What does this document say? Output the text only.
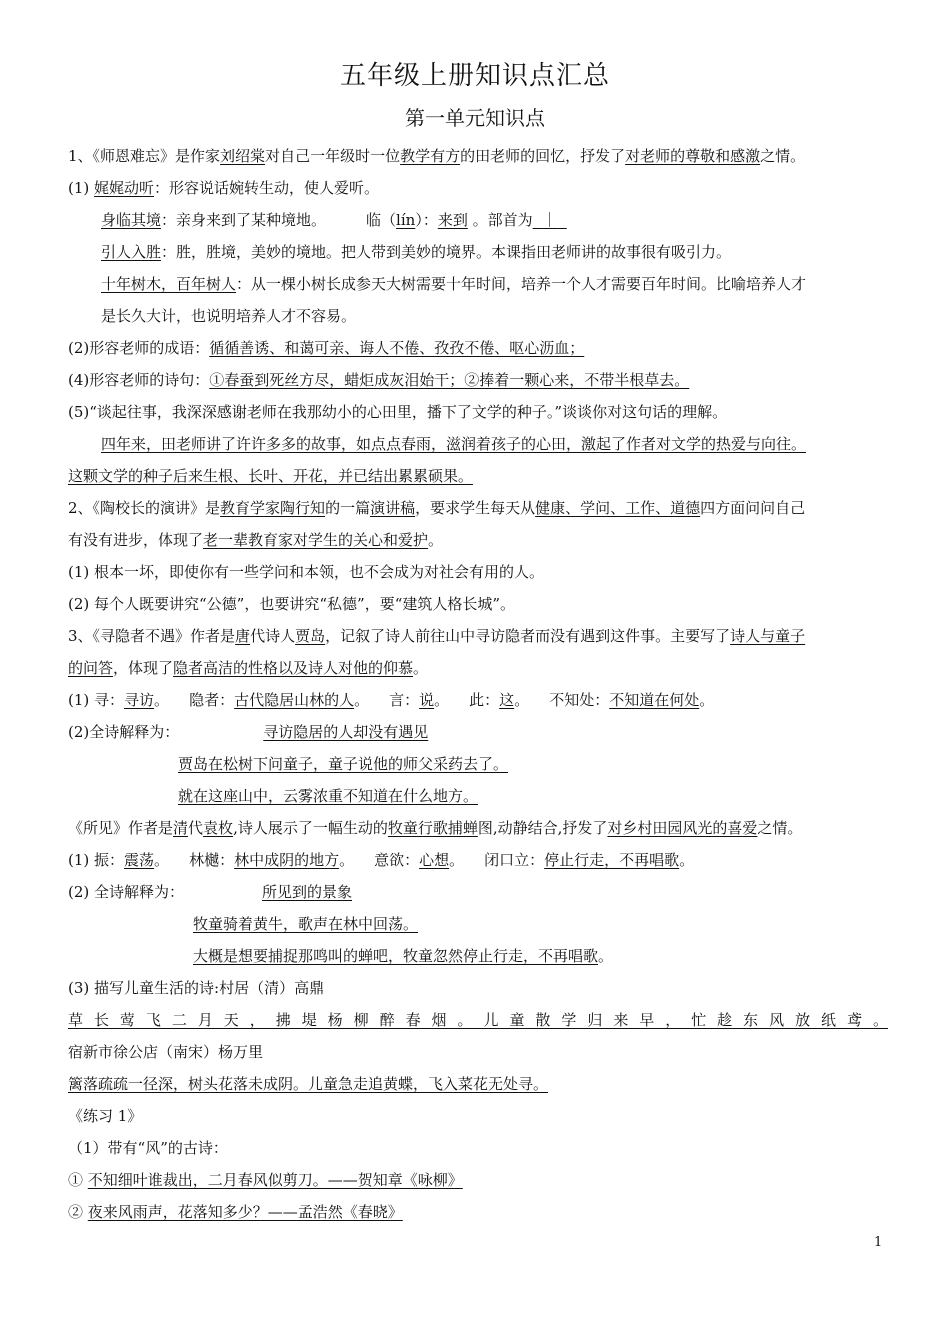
五年级上册知识点汇总
第一单元知识点
1、《师恩难忘》是作家刘绍棠对自己一年级时一位教学有方的田老师的回忆，抒发了对老师的尊敬和感激之情。
(1) 娓娓动听：形容说话婉转生动，使人爱听。
身临其境：亲身来到了某种境地。	临（lín）：来到 。部首为 ｜
引人入胜：胜，胜境，美妙的境地。把人带到美妙的境界。本课指田老师讲的故事很有吸引力。
十年树木，百年树人：从一棵小树长成参天大树需要十年时间，培养一个人才需要百年时间。比喻培养人才
是长久大计，也说明培养人才不容易。
(2)形容老师的成语：循循善诱、和蔼可亲、诲人不倦、孜孜不倦、呕心沥血；
(4)形容老师的诗句：①春蚕到死丝方尽，蜡炬成灰泪始干；②捧着一颗心来，不带半根草去。
(5)“谈起往事，我深深感谢老师在我那幼小的心田里，播下了文学的种子。”谈谈你对这句话的理解。
四年来，田老师讲了许许多多的故事，如点点春雨，滋润着孩子的心田，激起了作者对文学的热爱与向往。
这颗文学的种子后来生根、长叶、开花，并已结出累累硕果。
2、《陶校长的演讲》是教育学家陶行知的一篇演讲稿，要求学生每天从健康、学问、工作、道德四方面问问自己
有没有进步，体现了老一辈教育家对学生的关心和爱护。
(1) 根本一坏，即使你有一些学问和本领，也不会成为对社会有用的人。
(2) 每个人既要讲究“公德”，也要讲究“私德”，要“建筑人格长城”。
3、《寻隐者不遇》作者是唐代诗人贾岛，记叙了诗人前往山中寻访隐者而没有遇到这件事。主要写了诗人与童子
的问答，体现了隐者高洁的性格以及诗人对他的仰慕。
(1) 寻：寻访。 隐者：古代隐居山林的人。 言：说。 此：这。 不知处：不知道在何处。
(2)全诗解释为：	寻访隐居的人却没有遇见
贾岛在松树下问童子，童子说他的师父采药去了。
就在这座山中，云雾浓重不知道在什么地方。
《所见》作者是清代袁枚,诗人展示了一幅生动的牧童行歌捕蝉图,动静结合,抒发了对乡村田园风光的喜爱之情。
(1) 振：震荡。 林樾：林中成阴的地方。 意欲：心想。 闭口立：停止行走，不再唱歌。
(2) 全诗解释为：	所见到的景象
牧童骑着黄牛，歌声在林中回荡。
大概是想要捕捉那鸣叫的蝉吧，牧童忽然停止行走，不再唱歌。
(3) 描写儿童生活的诗:村居（清）高鼎
草长莺飞二月天，拂堤杨柳醉春烟。儿童散学归来早，忙趁东风放纸鸢。
宿新市徐公店（南宋）杨万里
篱落疏疏一径深，树头花落未成阴。儿童急走追黄蝶，飞入菜花无处寻。
《练习 1》
（1）带有“风”的古诗：
① 不知细叶谁裁出，二月春风似剪刀。——贺知章《咏柳》
② 夜来风雨声，花落知多少？——孟浩然《春晓》
1
